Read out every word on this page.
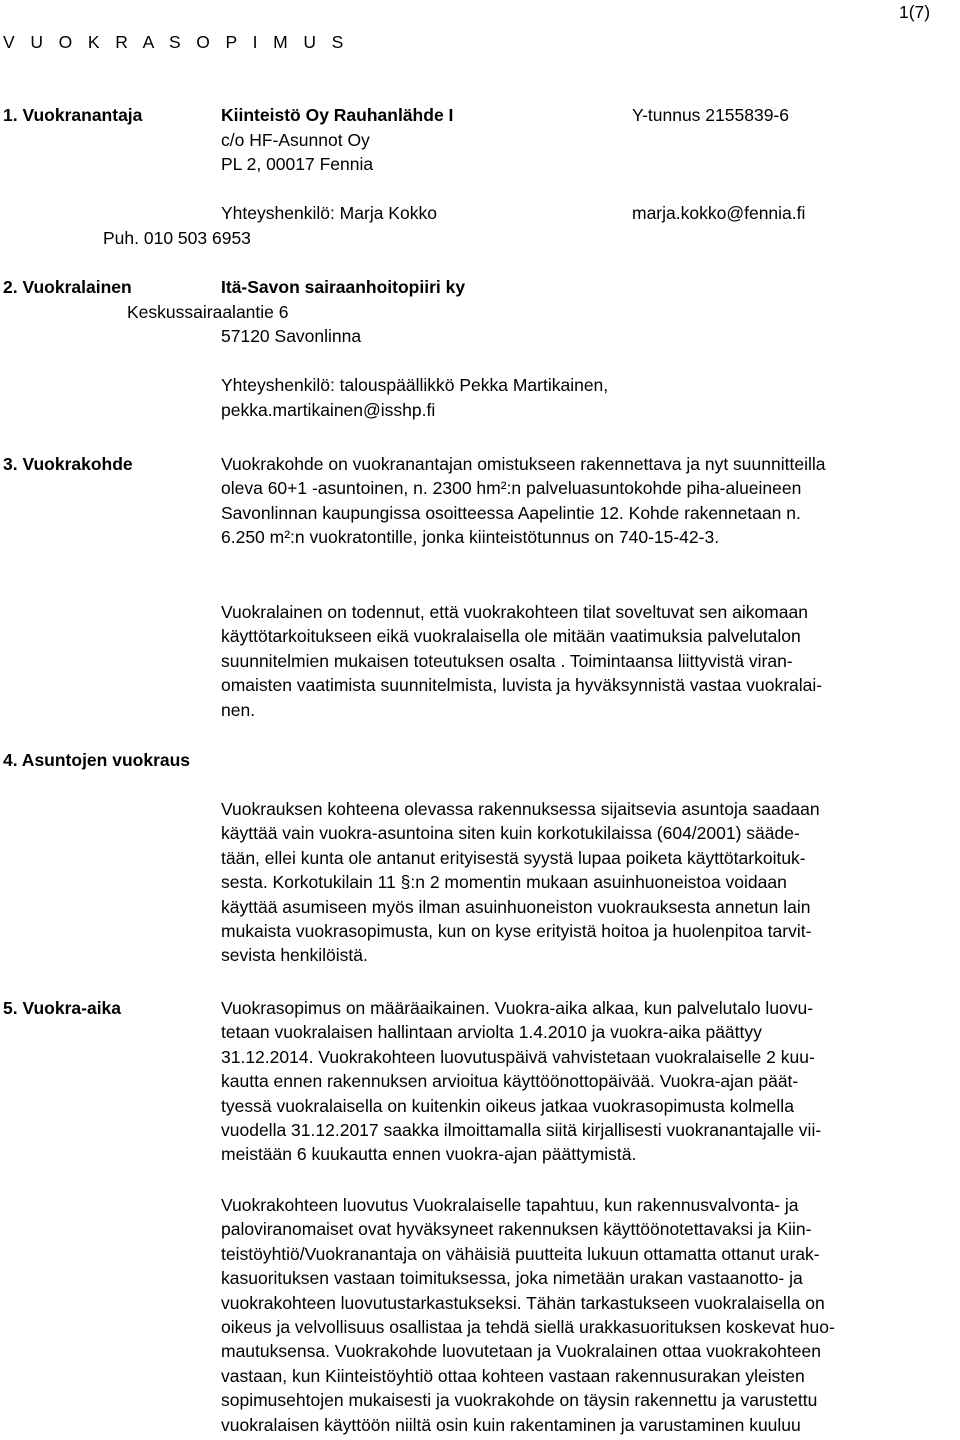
V U O K R A S O P I M U S
1(7)
1. Vuokranantaja	Kiinteistö Oy Rauhanlähde I	Y-tunnus 2155839-6
c/o HF-Asunnot Oy
PL 2, 00017 Fennia
Yhteyshenkilö: Marja Kokko	marja.kokko@fennia.fi
Puh. 010 503 6953
2. Vuokralainen	Itä-Savon sairaanhoitopiiri ky
Keskussairaalantie 6
57120 Savonlinna
Yhteyshenkilö: talouspäällikkö Pekka Martikainen,
pekka.martikainen@isshp.fi
3. Vuokrakohde	Vuokrakohde on vuokranantajan omistukseen rakennettava ja nyt suunnitteilla
oleva 60+1 -asuntoinen, n. 2300 hm²:n palveluasuntokohde piha-alueineen
Savonlinnan kaupungissa osoitteessa Aapelintie 12. Kohde rakennetaan n.
6.250 m²:n vuokratontille, jonka kiinteistötunnus on 740-15-42-3.
Vuokralainen on todennut, että vuokrakohteen tilat soveltuvat sen aikomaan
käyttötarkoitukseen eikä vuokralaisella ole mitään vaatimuksia palvelutalon
suunnitelmien mukaisen toteutuksen osalta . Toimintaansa liittyvistä viran-
omaisten vaatimista suunnitelmista, luvista ja hyväksynnistä vastaa vuokralai-
nen.
4. Asuntojen vuokraus
Vuokrauksen kohteena olevassa rakennuksessa sijaitsevia asuntoja saadaan
käyttää vain vuokra-asuntoina siten kuin korkotukilaissa (604/2001) sääde-
tään, ellei kunta ole antanut erityisestä syystä lupaa poiketa käyttötarkoituk-
sesta. Korkotukilain 11 §:n 2 momentin mukaan asuinhuoneistoa voidaan
käyttää asumiseen myös ilman asuinhuoneiston vuokrauksesta annetun lain
mukaista vuokrasopimusta, kun on kyse erityistä hoitoa ja huolenpitoa tarvit-
sevista henkilöistä.
5. Vuokra-aika	Vuokrasopimus on määräaikainen. Vuokra-aika alkaa, kun palvelutalo luovu-
tetaan vuokralaisen hallintaan arviolta 1.4.2010 ja vuokra-aika päättyy
31.12.2014. Vuokrakohteen luovutuspäivä vahvistetaan vuokralaiselle 2 kuu-
kautta ennen rakennuksen arvioitua käyttöönottopäivää. Vuokra-ajan päät-
tyessä vuokralaisella on kuitenkin oikeus jatkaa vuokrasopimusta kolmella
vuodella 31.12.2017 saakka ilmoittamalla siitä kirjallisesti vuokranantajalle vii-
meistään 6 kuukautta ennen vuokra-ajan päättymistä.
Vuokrakohteen luovutus Vuokralaiselle tapahtuu, kun rakennusvalvonta- ja
paloviranomaiset ovat hyväksyneet rakennuksen käyttöönotettavaksi ja Kiin-
teistöyhtiö/Vuokranantaja on vähäisiä puutteita lukuun ottamatta ottanut urak-
kasuorituksen vastaan toimituksessa, joka nimetään urakan vastaanotto- ja
vuokrakohteen luovutustarkastukseksi. Tähän tarkastukseen vuokralaisella on
oikeus ja velvollisuus osallistaa ja tehdä siellä urakkasuorituksen koskevat huo-
mautuksensa. Vuokrakohde luovutetaan ja Vuokralainen ottaa vuokrakohteen
vastaan, kun Kiinteistöyhtiö ottaa kohteen vastaan rakennusurakan yleisten
sopimusehtojen mukaisesti ja vuokrakohde on täysin rakennettu ja varustettu
vuokralaisen käyttöön niiltä osin kuin rakentaminen ja varustaminen kuuluu
